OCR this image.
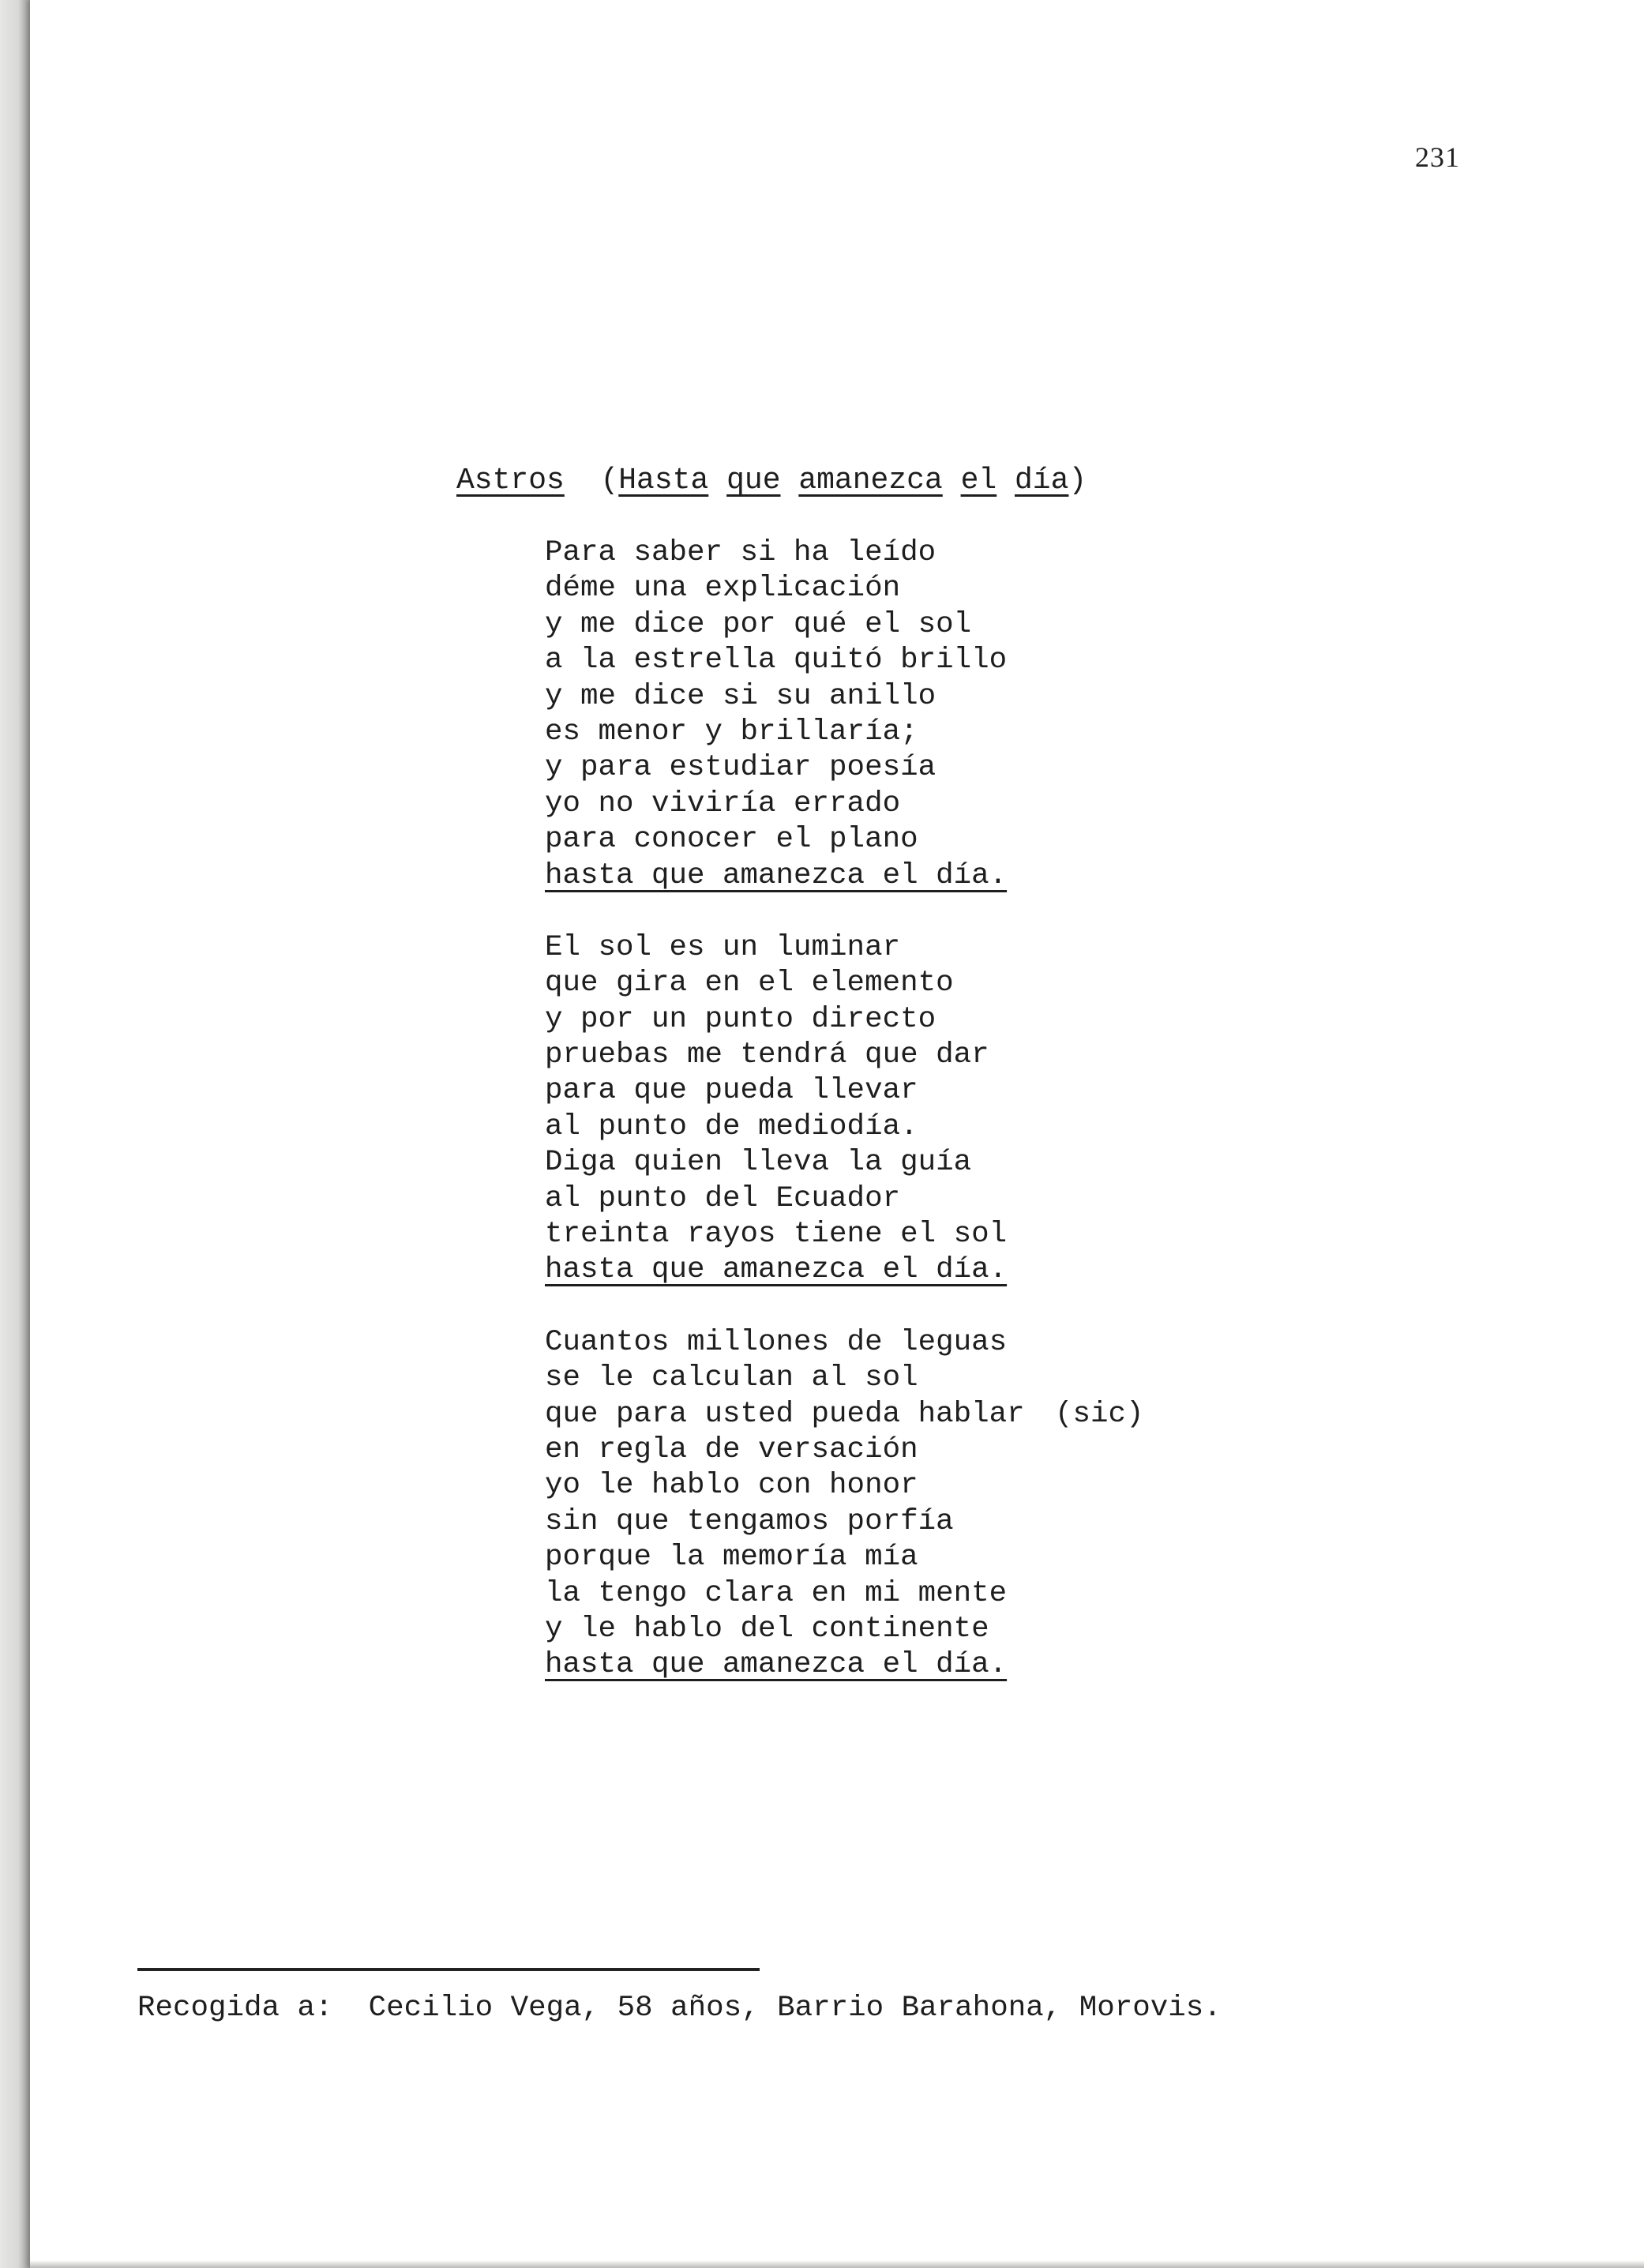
231
Astros (Hasta que amanezca el día)
Para saber si ha leído
déme una explicación
y me dice por qué el sol
a la estrella quitó brillo
y me dice si su anillo
es menor y brillaría;
y para estudiar poesía
yo no viviría errado
para conocer el plano
hasta que amanezca el día.
El sol es un luminar
que gira en el elemento
y por un punto directo
pruebas me tendrá que dar
para que pueda llevar
al punto de mediodía.
Diga quien lleva la guía
al punto del Ecuador
treinta rayos tiene el sol
hasta que amanezca el día.
Cuantos millones de leguas
se le calculan al sol
que para usted pueda hablar (sic)
en regla de versación
yo le hablo con honor
sin que tengamos porfía
porque la memoría mía
la tengo clara en mi mente
y le hablo del continente
hasta que amanezca el día.
Recogida a: Cecilio Vega, 58 años, Barrio Barahona, Morovis.
